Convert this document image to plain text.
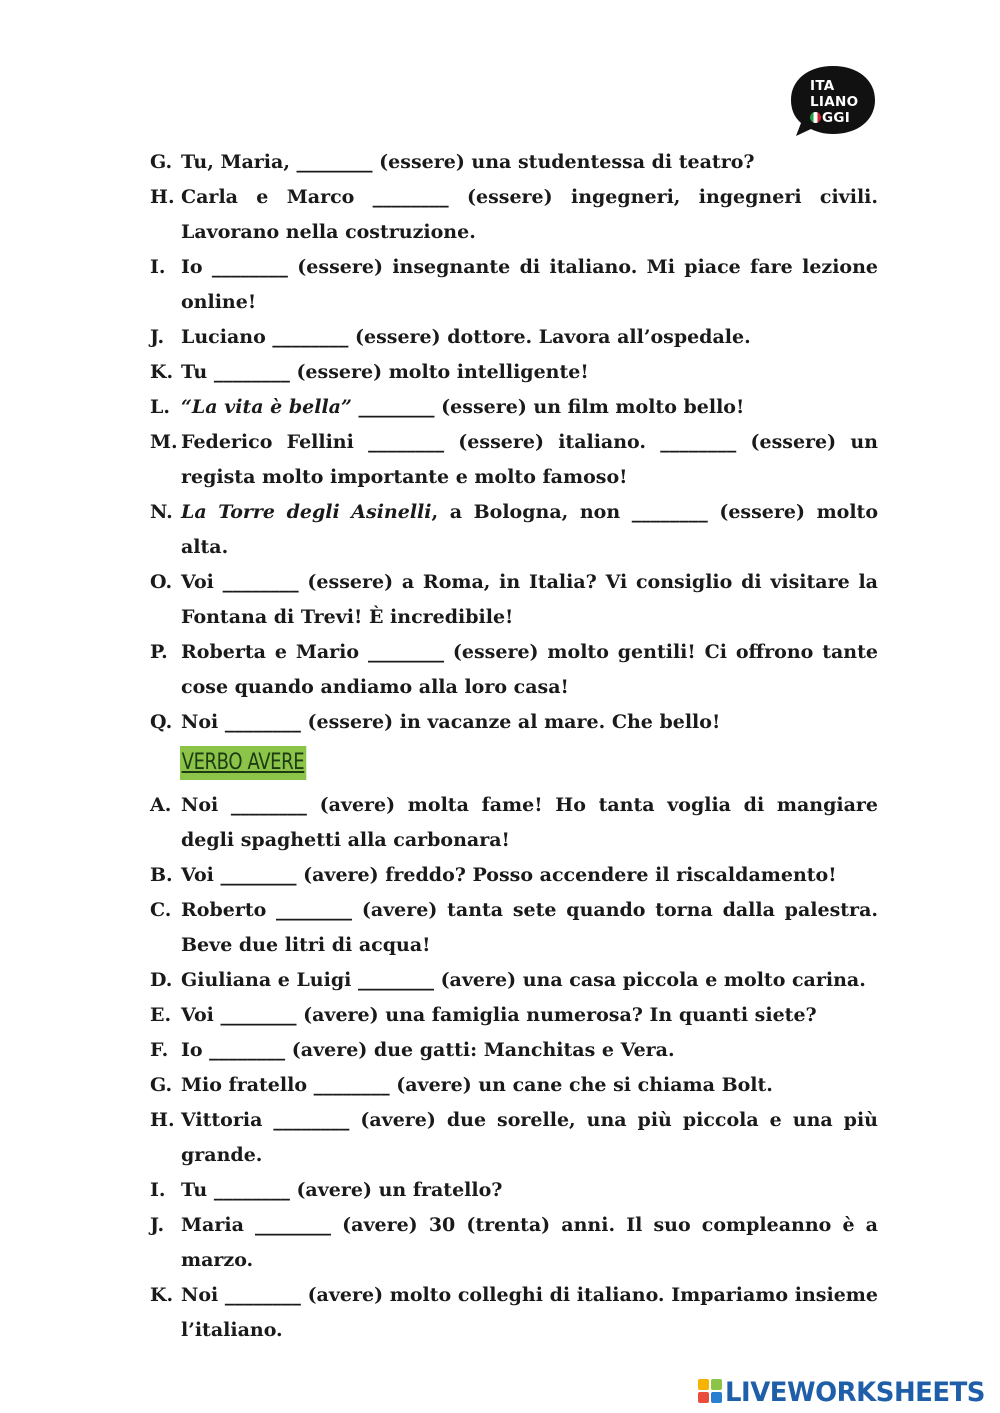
ITA
LIANO
GGI
G. Tu, Maria, ________ (essere) una studentessa di teatro?
H. Carla e Marco ________ (essere) ingegneri, ingegneri civili. Lavorano nella costruzione.
I. Io ________ (essere) insegnante di italiano. Mi piace fare lezione online!
J. Luciano ________ (essere) dottore. Lavora all’ospedale.
K. Tu ________ (essere) molto intelligente!
L. “La vita è bella” ________ (essere) un film molto bello!
M. Federico Fellini ________ (essere) italiano. ________ (essere) un regista molto importante e molto famoso!
N. La Torre degli Asinelli, a Bologna, non ________ (essere) molto alta.
O. Voi ________ (essere) a Roma, in Italia? Vi consiglio di visitare la Fontana di Trevi! È incredibile!
P. Roberta e Mario ________ (essere) molto gentili! Ci offrono tante cose quando andiamo alla loro casa!
Q. Noi ________ (essere) in vacanze al mare. Che bello!
VERBO AVERE
A. Noi ________ (avere) molta fame! Ho tanta voglia di mangiare degli spaghetti alla carbonara!
B. Voi ________ (avere) freddo? Posso accendere il riscaldamento!
C. Roberto ________ (avere) tanta sete quando torna dalla palestra. Beve due litri di acqua!
D. Giuliana e Luigi ________ (avere) una casa piccola e molto carina.
E. Voi ________ (avere) una famiglia numerosa? In quanti siete?
F. Io ________ (avere) due gatti: Manchitas e Vera.
G. Mio fratello ________ (avere) un cane che si chiama Bolt.
H. Vittoria ________ (avere) due sorelle, una più piccola e una più grande.
I. Tu ________ (avere) un fratello?
J. Maria ________ (avere) 30 (trenta) anni. Il suo compleanno è a marzo.
K. Noi ________ (avere) molto colleghi di italiano. Impariamo insieme l’italiano.
LIVEWORKSHEETS
